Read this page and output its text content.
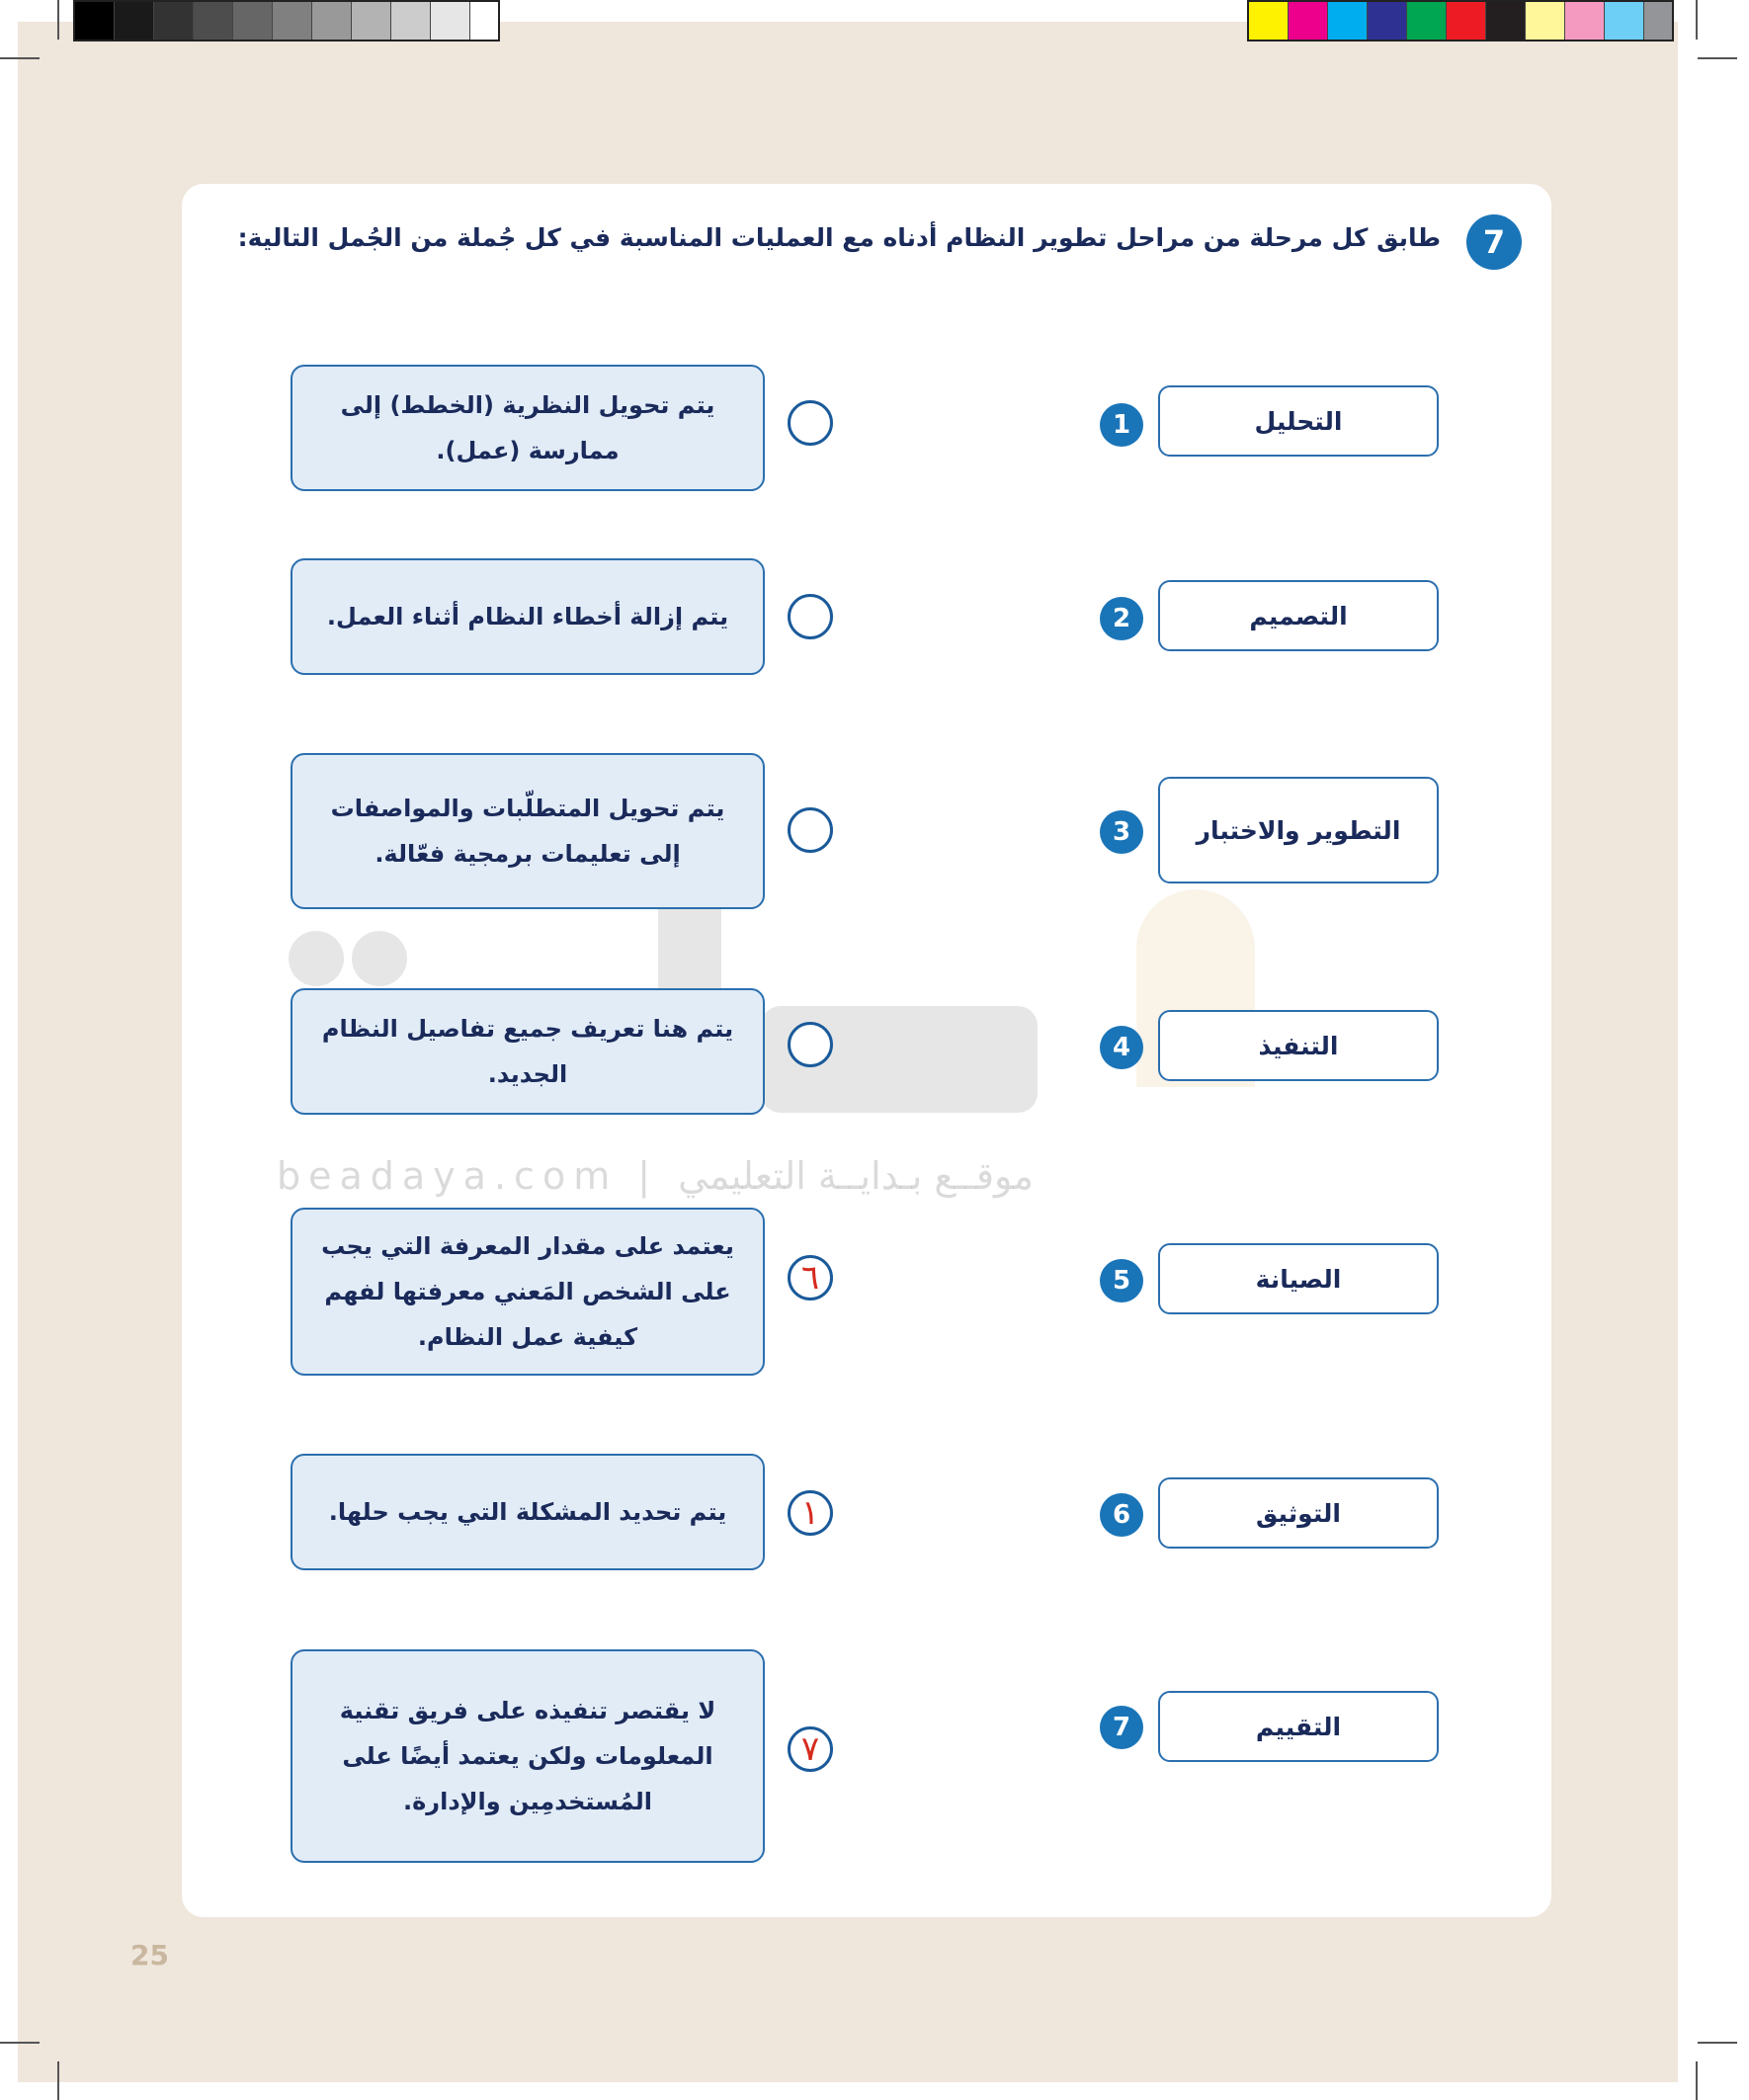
beadaya.com | موقــع بـدايــة التعليمي
7
طابق كل مرحلة من مراحل تطوير النظام أدناه مع العمليات المناسبة في كل جُملة من الجُمل التالية:
التحليل
1
التصميم
2
التطوير والاختبار
3
التنفيذ
4
الصيانة
5
التوثيق
6
التقييم
7
٦
١
٧
يتم تحويل النظرية (الخطط) إلى ممارسة (عمل).
يتم إزالة أخطاء النظام أثناء العمل.
يتم تحويل المتطلّبات والمواصفات إلى تعليمات برمجية فعّالة.
يتم هنا تعريف جميع تفاصيل النظام الجديد.
يعتمد على مقدار المعرفة التي يجب على الشخص المَعني معرفتها لفهم كيفية عمل النظام.
يتم تحديد المشكلة التي يجب حلها.
لا يقتصر تنفيذه على فريق تقنية المعلومات ولكن يعتمد أيضًا على المُستخدمِين والإدارة.
25
